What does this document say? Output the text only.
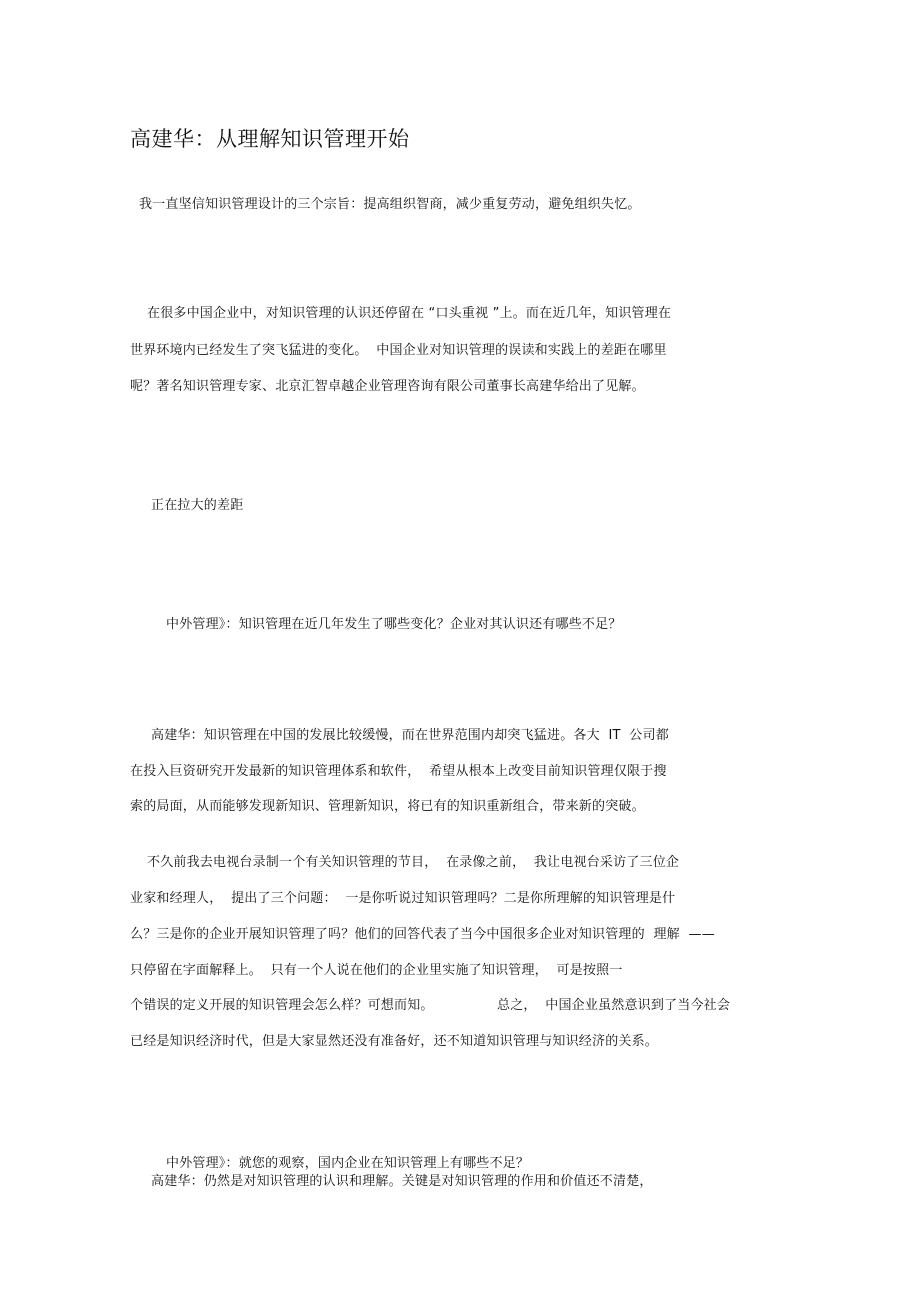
高建华：从理解知识管理开始
我一直坚信知识管理设计的三个宗旨：提高组织智商，减少重复劳动，避免组织失忆。
在很多中国企业中，对知识管理的认识还停留在 “口头重视 ”上。而在近几年，知识管理在
世界环境内已经发生了突飞猛进的变化。  中国企业对知识管理的误读和实践上的差距在哪里
呢？著名知识管理专家、北京汇智卓越企业管理咨询有限公司董事长高建华给出了见解。
正在拉大的差距
中外管理》：知识管理在近几年发生了哪些变化？企业对其认识还有哪些不足？
高建华：知识管理在中国的发展比较缓慢，而在世界范围内却突飞猛进。各大  IT  公司都
在投入巨资研究开发最新的知识管理体系和软件，  希望从根本上改变目前知识管理仅限于搜
索的局面，从而能够发现新知识、管理新知识，将已有的知识重新组合，带来新的突破。
不久前我去电视台录制一个有关知识管理的节目，  在录像之前，  我让电视台采访了三位企
业家和经理人，  提出了三个问题：  一是你听说过知识管理吗？二是你所理解的知识管理是什
么？三是你的企业开展知识管理了吗？他们的回答代表了当今中国很多企业对知识管理的  理解  ——
只停留在字面解释上。  只有一个人说在他们的企业里实施了知识管理，  可是按照一
个错误的定义开展的知识管理会怎么样？可想而知。	总之，  中国企业虽然意识到了当今社会
已经是知识经济时代，但是大家显然还没有准备好，还不知道知识管理与知识经济的关系。
中外管理》：就您的观察，国内企业在知识管理上有哪些不足？
高建华：仍然是对知识管理的认识和理解。关键是对知识管理的作用和价值还不清楚，
